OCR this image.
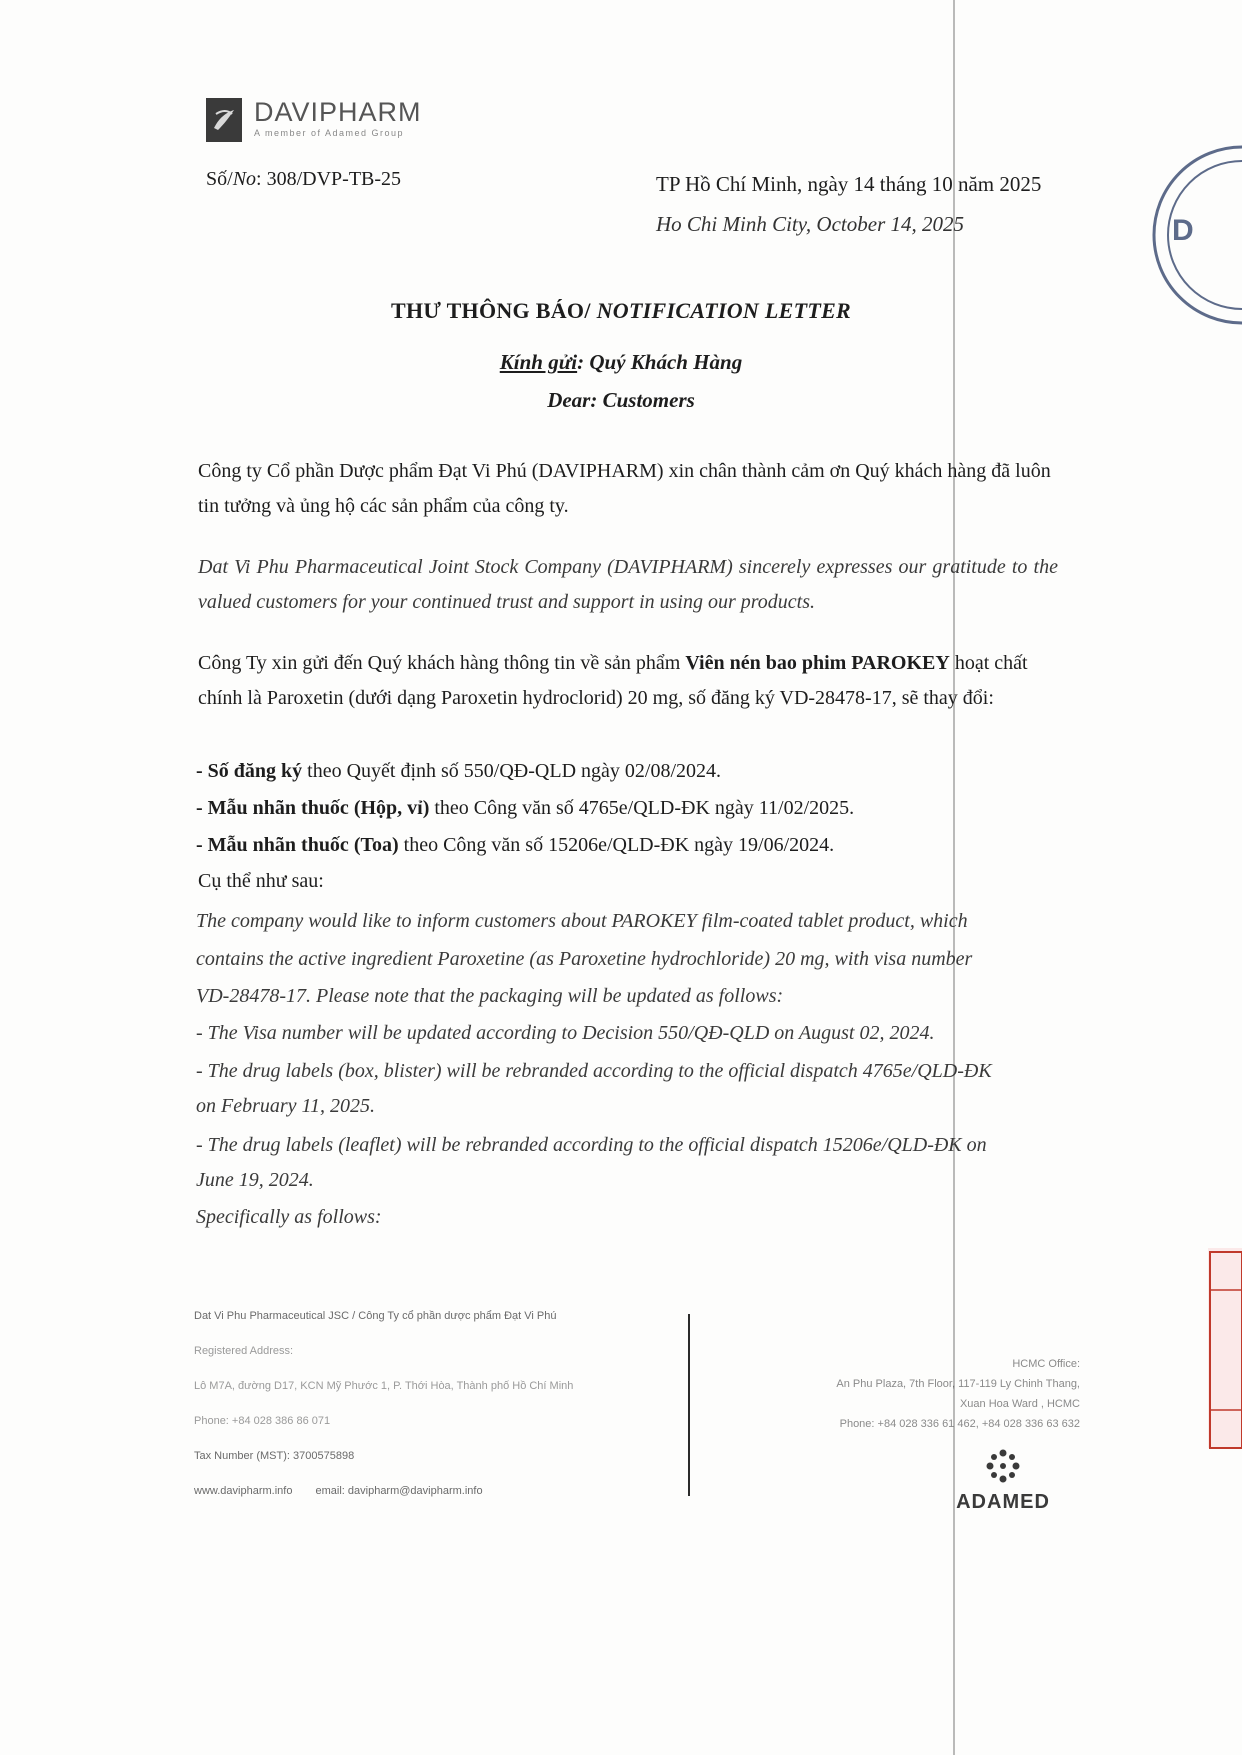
DAVIPHARM
A member of Adamed Group
Số/No: 308/DVP-TB-25	TP Hồ Chí Minh, ngày 14 tháng 10 năm 2025
Ho Chi Minh City, October 14, 2025
THƯ THÔNG BÁO/ NOTIFICATION LETTER
Kính gửi: Quý Khách Hàng
Dear: Customers
Công ty Cổ phần Dược phẩm Đạt Vi Phú (DAVIPHARM) xin chân thành cảm ơn Quý khách hàng đã luôn tin tưởng và ủng hộ các sản phẩm của công ty.
Dat Vi Phu Pharmaceutical Joint Stock Company (DAVIPHARM) sincerely expresses our gratitude to the valued customers for your continued trust and support in using our products.
Công Ty xin gửi đến Quý khách hàng thông tin về sản phẩm Viên nén bao phim PAROKEY hoạt chất chính là Paroxetin (dưới dạng Paroxetin hydroclorid) 20 mg, số đăng ký VD-28478-17, sẽ thay đổi:
- Số đăng ký theo Quyết định số 550/QĐ-QLD ngày 02/08/2024.
- Mẫu nhãn thuốc (Hộp, vỉ) theo Công văn số 4765e/QLD-ĐK ngày 11/02/2025.
- Mẫu nhãn thuốc (Toa) theo Công văn số 15206e/QLD-ĐK ngày 19/06/2024.
Cụ thể như sau:
The company would like to inform customers about PAROKEY film-coated tablet product, which
contains the active ingredient Paroxetine (as Paroxetine hydrochloride) 20 mg, with visa number
VD-28478-17. Please note that the packaging will be updated as follows:
- The Visa number will be updated according to Decision 550/QĐ-QLD on August 02, 2024.
- The drug labels (box, blister) will be rebranded according to the official dispatch 4765e/QLD-ĐK
on February 11, 2025.
- The drug labels (leaflet) will be rebranded according to the official dispatch 15206e/QLD-ĐK on
June 19, 2024.
Specifically as follows:
Dat Vi Phu Pharmaceutical JSC / Công Ty cổ phần dược phẩm Đạt Vi Phú
Registered Address:
Lô M7A, đường D17, KCN Mỹ Phước 1, P. Thới Hòa, Thành phố Hồ Chí Minh
Phone: +84 028 386 86 071
Tax Number (MST): 3700575898
www.davipharm.info email: davipharm@davipharm.info
HCMC Office:
An Phu Plaza, 7th Floor, 117-119 Ly Chinh Thang,
Xuan Hoa Ward , HCMC
Phone: +84 028 336 61 462, +84 028 336 63 632
ADAMED
D
